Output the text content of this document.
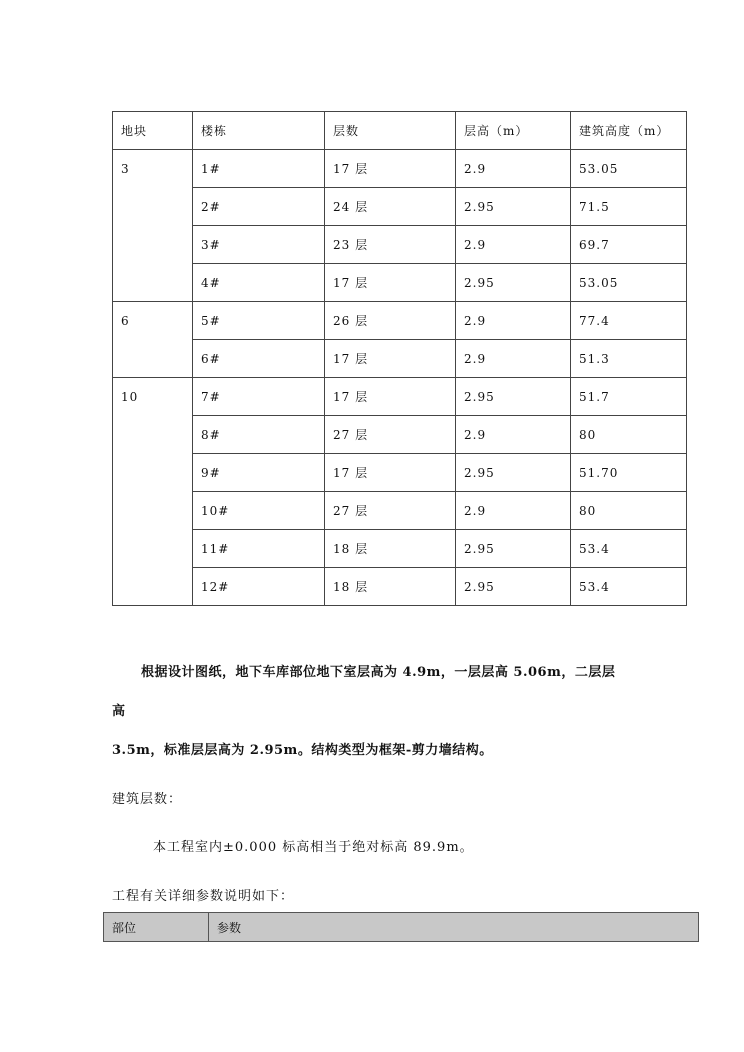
地块	楼栋	层数	层高（m）	建筑高度（m）
3	1#	17 层	2.9	53.05
	2#	24 层	2.95	71.5
	3#	23 层	2.9	69.7
	4#	17 层	2.95	53.05
6	5#	26 层	2.9	77.4
	6#	17 层	2.9	51.3
10	7#	17 层	2.95	51.7
	8#	27 层	2.9	80
	9#	17 层	2.95	51.70
	10#	27 层	2.9	80
	11#	18 层	2.95	53.4
	12#	18 层	2.95	53.4
根据设计图纸，地下车库部位地下室层高为 4.9m，一层层高 5.06m，二层层
高
3.5m，标准层层高为 2.95m。结构类型为框架-剪力墙结构。
建筑层数：
本工程室内±0.000 标高相当于绝对标高 89.9m。
工程有关详细参数说明如下：
部位	参数
